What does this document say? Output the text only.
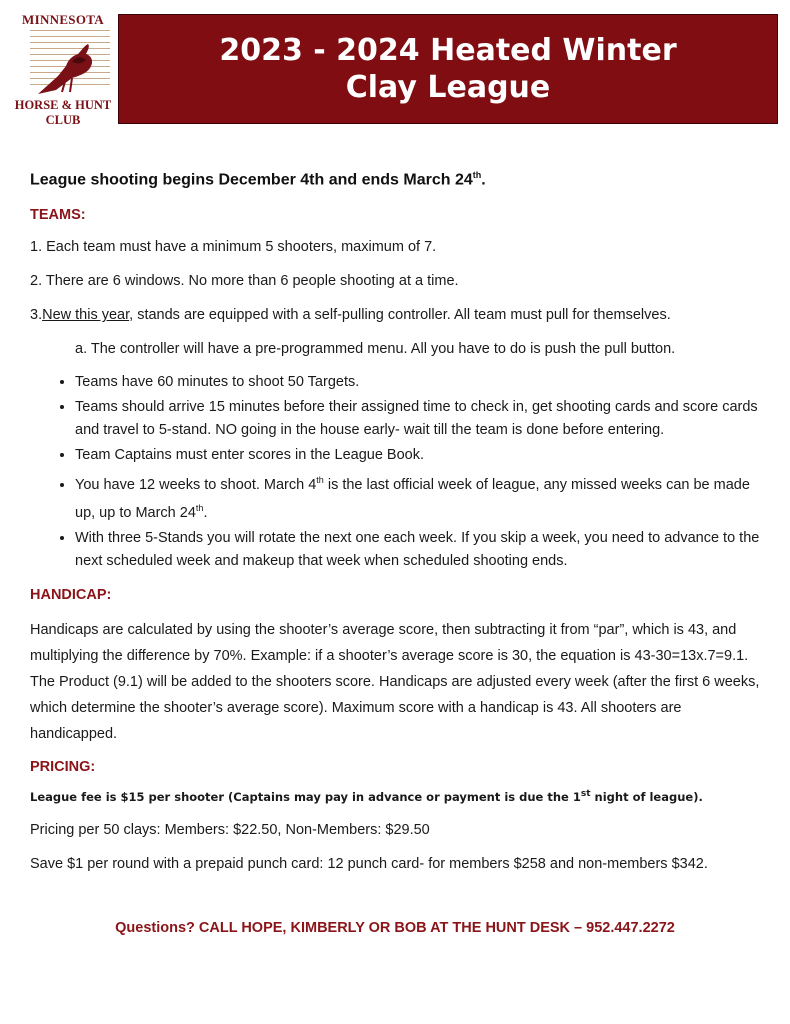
MINNESOTA
HORSE & HUNT
CLUB
2023 - 2024 Heated Winter
Clay League

League shooting begins December 4th and ends March 24th.

TEAMS:

1. Each team must have a minimum 5 shooters, maximum of 7.

2. There are 6 windows. No more than 6 people shooting at a time.

3.New this year, stands are equipped with a self-pulling controller. All team must pull for themselves.

a. The controller will have a pre-programmed menu. All you have to do is push the pull button.

• Teams have 60 minutes to shoot 50 Targets.
• Teams should arrive 15 minutes before their assigned time to check in, get shooting cards and score cards and travel to 5-stand. NO going in the house early- wait till the team is done before entering.
• Team Captains must enter scores in the League Book.
• You have 12 weeks to shoot. March 4th is the last official week of league, any missed weeks can be made up, up to March 24th.
• With three 5-Stands you will rotate the next one each week. If you skip a week, you need to advance to the next scheduled week and makeup that week when scheduled shooting ends.

HANDICAP:

Handicaps are calculated by using the shooter’s average score, then subtracting it from “par”, which is 43, and multiplying the difference by 70%. Example: if a shooter’s average score is 30, the equation is 43-30=13x.7=9.1. The Product (9.1) will be added to the shooters score. Handicaps are adjusted every week (after the first 6 weeks, which determine the shooter’s average score). Maximum score with a handicap is 43. All shooters are handicapped.

PRICING:

League fee is $15 per shooter (Captains may pay in advance or payment is due the 1st night of league).

Pricing per 50 clays: Members: $22.50, Non-Members: $29.50

Save $1 per round with a prepaid punch card: 12 punch card- for members $258 and non-members $342.

Questions? CALL HOPE, KIMBERLY OR BOB AT THE HUNT DESK – 952.447.2272
